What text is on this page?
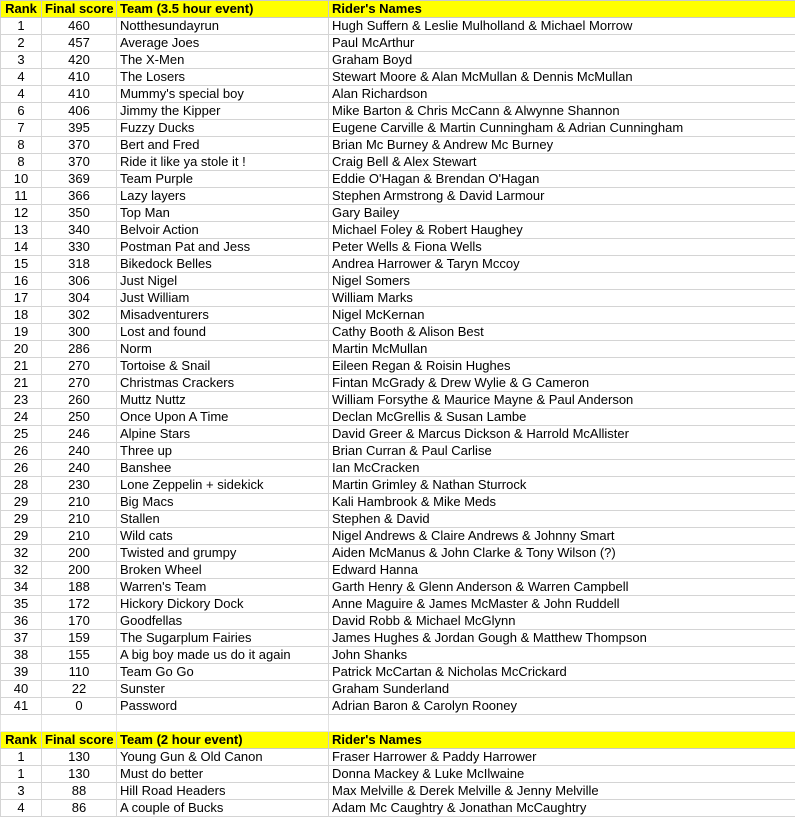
Rank	Final score	Team (3.5 hour event)	Rider's Names
1	460	Notthesundayrun	Hugh Suffern & Leslie Mulholland & Michael Morrow
2	457	Average Joes	Paul McArthur
3	420	The X-Men	Graham Boyd
4	410	The Losers	Stewart Moore & Alan McMullan & Dennis McMullan
4	410	Mummy's special boy	Alan Richardson
6	406	Jimmy the Kipper	Mike Barton & Chris McCann & Alwynne Shannon
7	395	Fuzzy Ducks	Eugene Carville & Martin Cunningham & Adrian Cunningham
8	370	Bert and Fred	Brian Mc Burney & Andrew Mc Burney
8	370	Ride it like ya stole it !	Craig Bell & Alex Stewart
10	369	Team Purple	Eddie O'Hagan & Brendan O'Hagan
11	366	Lazy layers	Stephen Armstrong & David Larmour
12	350	Top Man	Gary Bailey
13	340	Belvoir Action	Michael Foley & Robert Haughey
14	330	Postman Pat and Jess	Peter Wells & Fiona Wells
15	318	Bikedock Belles	Andrea Harrower & Taryn Mccoy
16	306	Just Nigel	Nigel Somers
17	304	Just William	William Marks
18	302	Misadventurers	Nigel McKernan
19	300	Lost and found	Cathy Booth & Alison Best
20	286	Norm	Martin McMullan
21	270	Tortoise & Snail	Eileen Regan & Roisin Hughes
21	270	Christmas Crackers	Fintan McGrady & Drew Wylie & G Cameron
23	260	Muttz Nuttz	William Forsythe & Maurice Mayne & Paul Anderson
24	250	Once Upon A Time	Declan McGrellis & Susan Lambe
25	246	Alpine Stars	David Greer & Marcus Dickson & Harrold McAllister
26	240	Three up	Brian Curran & Paul Carlise
26	240	Banshee	Ian McCracken
28	230	Lone Zeppelin + sidekick	Martin Grimley & Nathan Sturrock
29	210	Big Macs	Kali Hambrook & Mike Meds
29	210	Stallen	Stephen & David
29	210	Wild cats	Nigel Andrews & Claire Andrews & Johnny Smart
32	200	Twisted and grumpy	Aiden McManus & John Clarke & Tony Wilson (?)
32	200	Broken Wheel	Edward Hanna
34	188	Warren's Team	Garth Henry & Glenn Anderson & Warren Campbell
35	172	Hickory Dickory Dock	Anne Maguire & James McMaster & John Ruddell
36	170	Goodfellas	David Robb & Michael McGlynn
37	159	The Sugarplum Fairies	James Hughes & Jordan Gough & Matthew Thompson
38	155	A big boy made us do it again	John Shanks
39	110	Team Go Go	Patrick McCartan & Nicholas McCrickard
40	22	Sunster	Graham Sunderland
41	0	Password	Adrian Baron & Carolyn Rooney

Rank	Final score	Team (2 hour event)	Rider's Names
1	130	Young Gun & Old Canon	Fraser Harrower & Paddy Harrower
1	130	Must do better	Donna Mackey & Luke McIlwaine
3	88	Hill Road Headers	Max Melville & Derek Melville & Jenny Melville
4	86	A couple of Bucks	Adam Mc Caughtry & Jonathan McCaughtry
